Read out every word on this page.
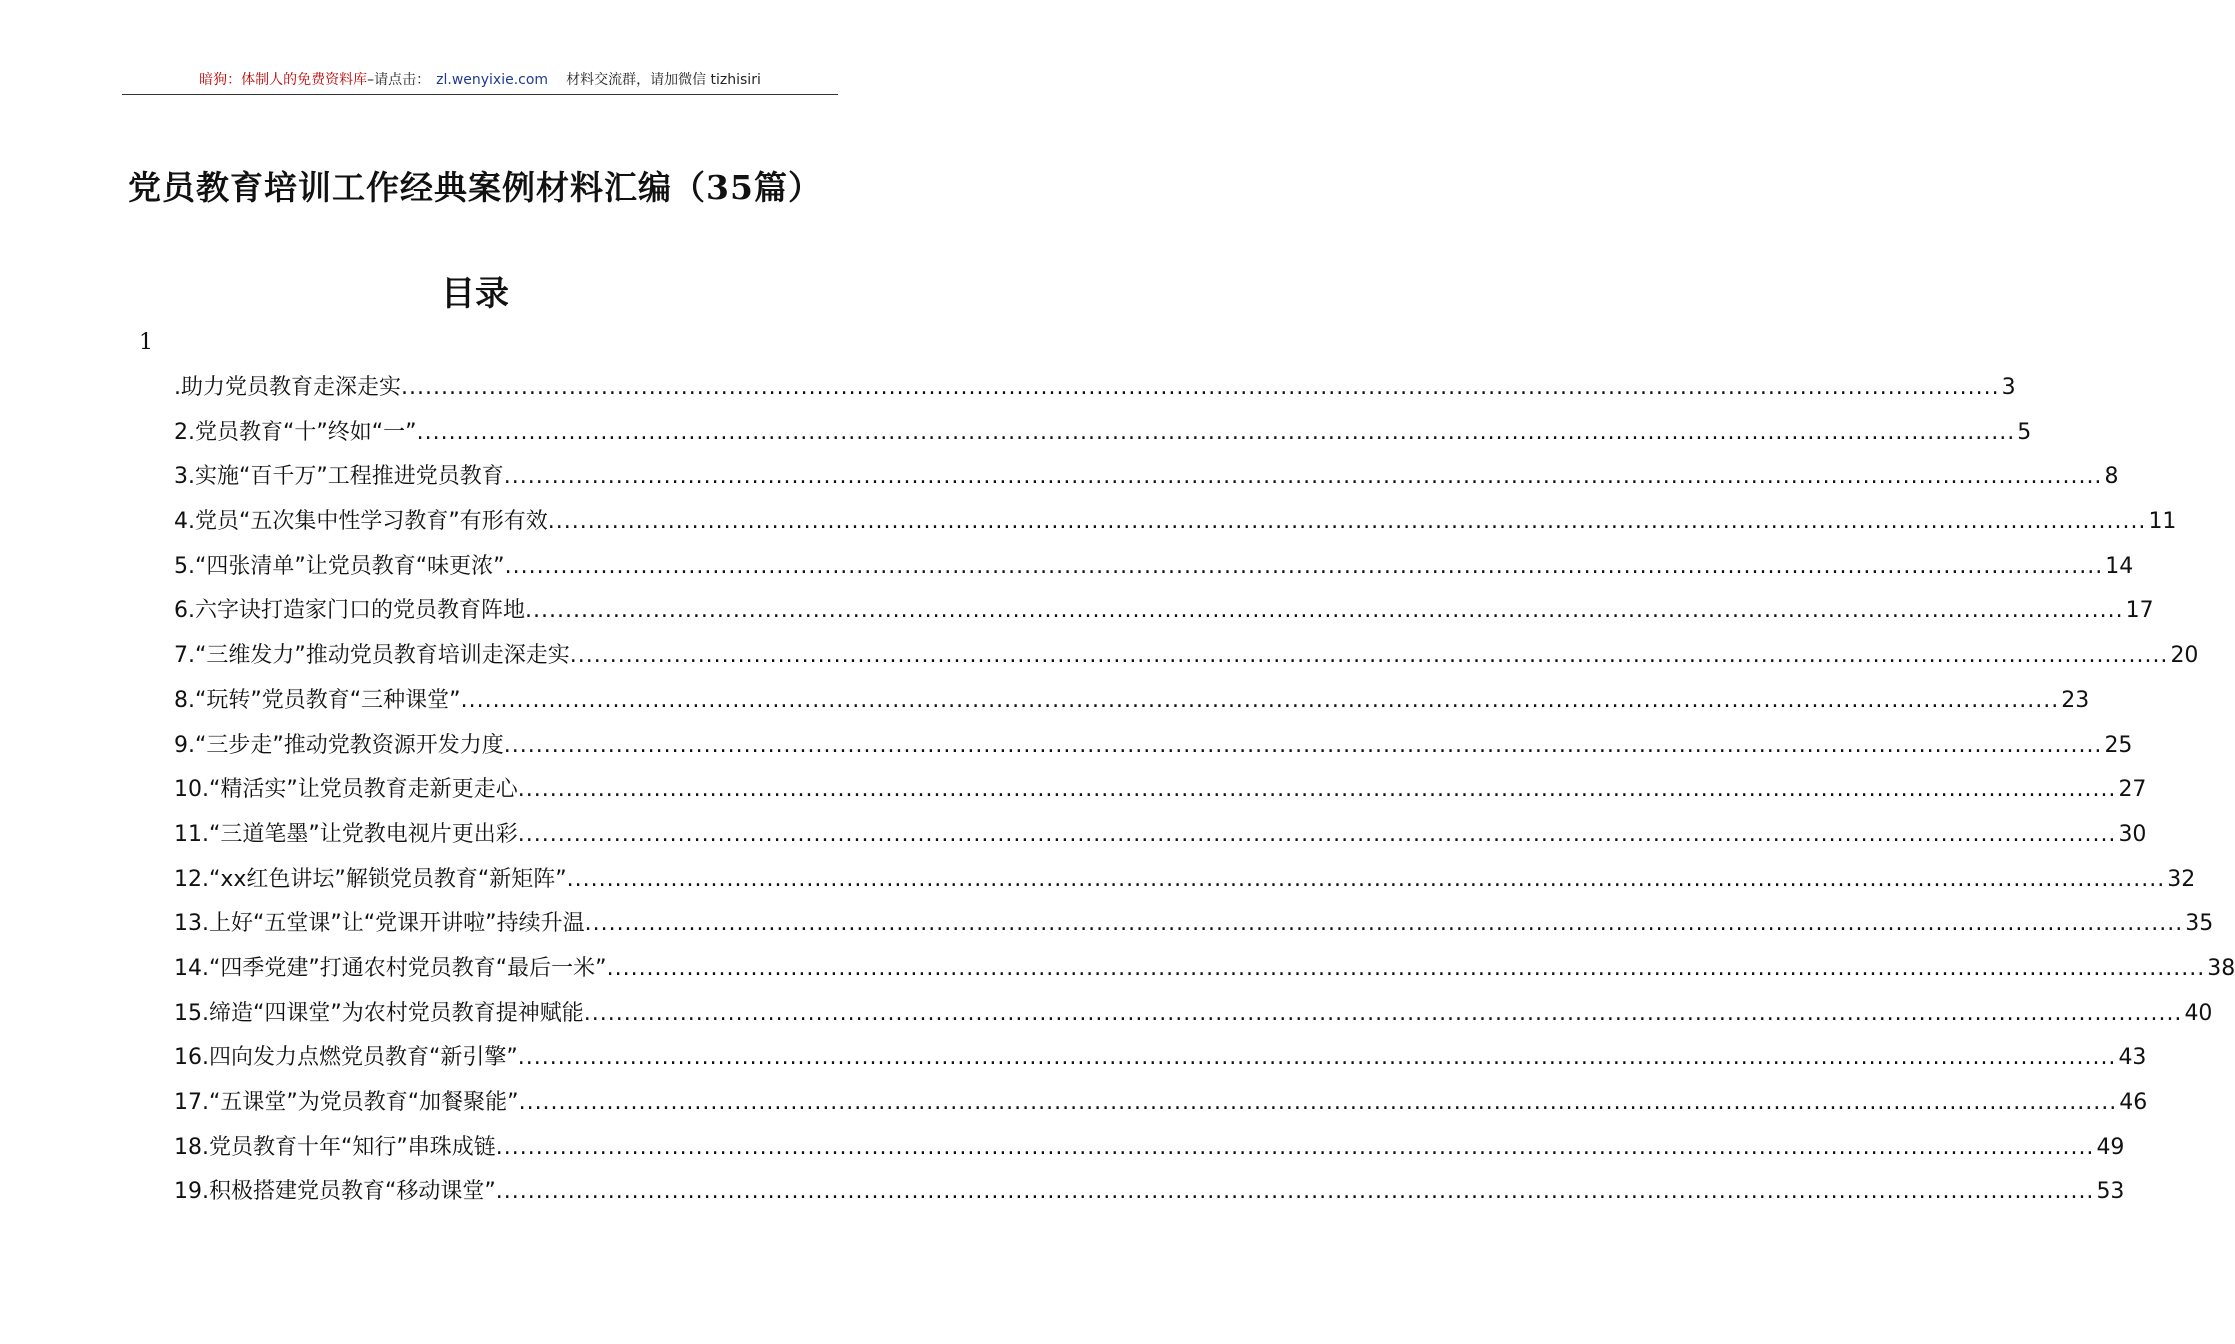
暗狗：体制人的免费资料库–请点击： zl.wenyixie.com 材料交流群，请加微信 tizhisiri
党员教育培训工作经典案例材料汇编（35篇）
目录
1
.助力党员教育走深走实 ........................................................................................................................................................................................................ 3
2.党员教育“十”终如“一” ........................................................................................................................................................................................................ 5
3.实施“百千万”工程推进党员教育 ........................................................................................................................................................................................................ 8
4.党员“五次集中性学习教育”有形有效 ........................................................................................................................................................................................................ 11
5.“四张清单”让党员教育“味更浓” ........................................................................................................................................................................................................ 14
6.六字诀打造家门口的党员教育阵地 ........................................................................................................................................................................................................ 17
7.“三维发力”推动党员教育培训走深走实 ........................................................................................................................................................................................................ 20
8.“玩转”党员教育“三种课堂” ........................................................................................................................................................................................................ 23
9.“三步走”推动党教资源开发力度 ........................................................................................................................................................................................................ 25
10.“精活实”让党员教育走新更走心 ........................................................................................................................................................................................................ 27
11.“三道笔墨”让党教电视片更出彩 ........................................................................................................................................................................................................ 30
12.“xx红色讲坛”解锁党员教育“新矩阵” ........................................................................................................................................................................................................ 32
13.上好“五堂课”让“党课开讲啦”持续升温 ........................................................................................................................................................................................................ 35
14.“四季党建”打通农村党员教育“最后一米” ........................................................................................................................................................................................................ 38
15.缔造“四课堂”为农村党员教育提神赋能 ........................................................................................................................................................................................................ 40
16.四向发力点燃党员教育“新引擎” ........................................................................................................................................................................................................ 43
17.“五课堂”为党员教育“加餐聚能” ........................................................................................................................................................................................................ 46
18.党员教育十年“知行”串珠成链 ........................................................................................................................................................................................................ 49
19.积极搭建党员教育“移动课堂” ........................................................................................................................................................................................................ 53
